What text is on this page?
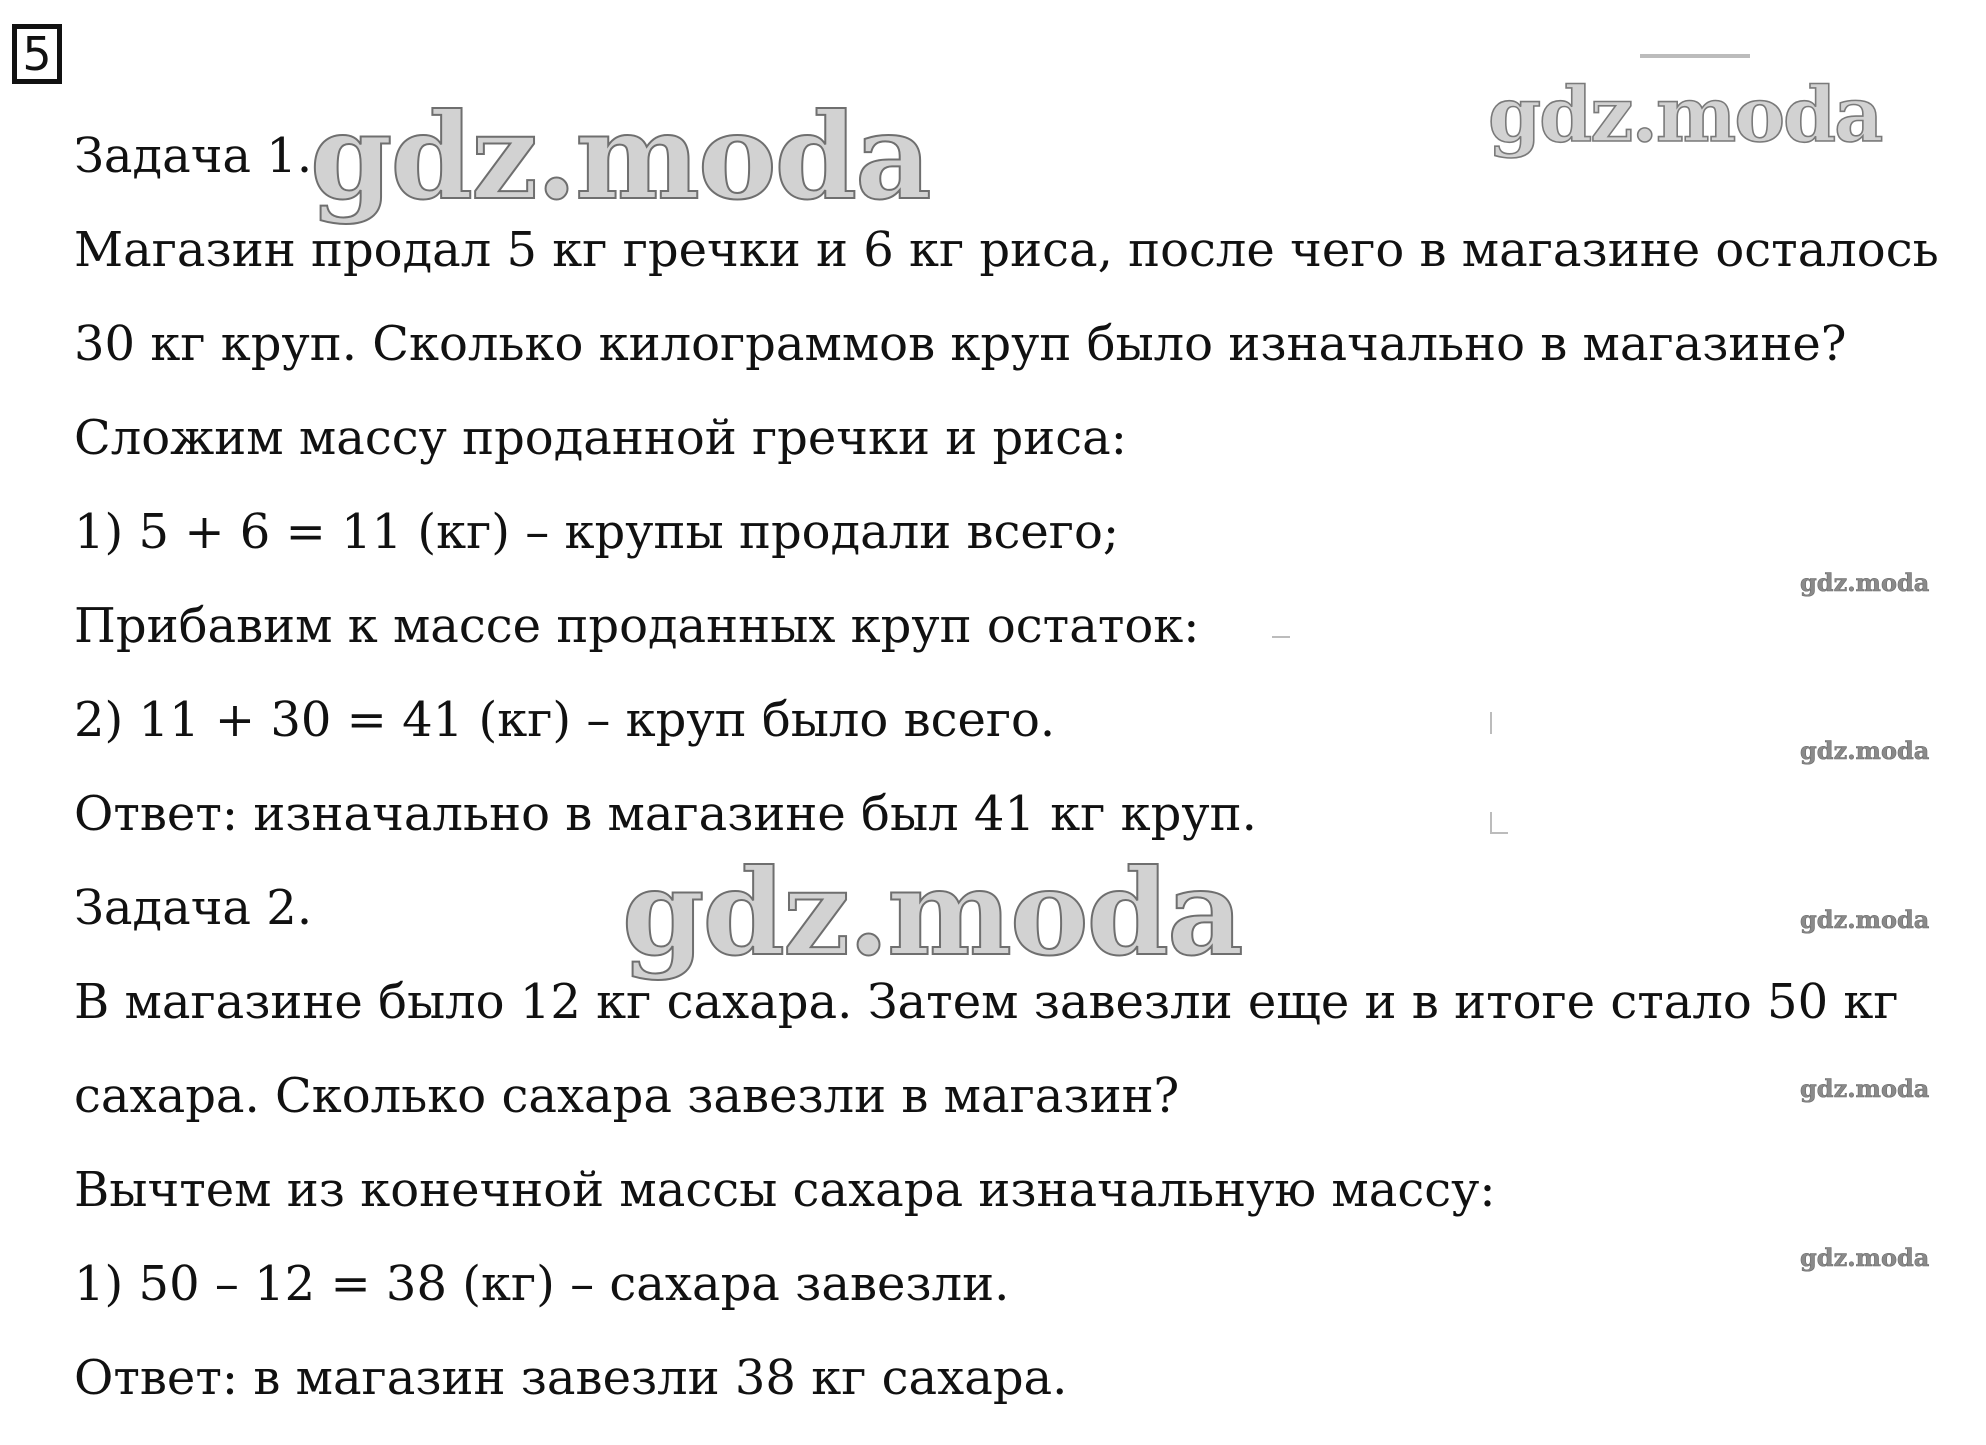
5
Задача 1.
Магазин продал 5 кг гречки и 6 кг риса, после чего в магазине осталось
30 кг круп. Сколько килограммов круп было изначально в магазине?
Сложим массу проданной гречки и риса:
1) 5 + 6 = 11 (кг) – крупы продали всего;
Прибавим к массе проданных круп остаток:
2) 11 + 30 = 41 (кг) – круп было всего.
Ответ: изначально в магазине был 41 кг круп.
Задача 2.
В магазине было 12 кг сахара. Затем завезли еще и в итоге стало 50 кг
сахара. Сколько сахара завезли в магазин?
Вычтем из конечной массы сахара изначальную массу:
1) 50 – 12 = 38 (кг) – сахара завезли.
Ответ: в магазин завезли 38 кг сахара.
gdz.moda	gdz.moda
gdz.moda
gdz.moda
gdz.moda
gdz.moda
gdz.moda
gdz.moda
